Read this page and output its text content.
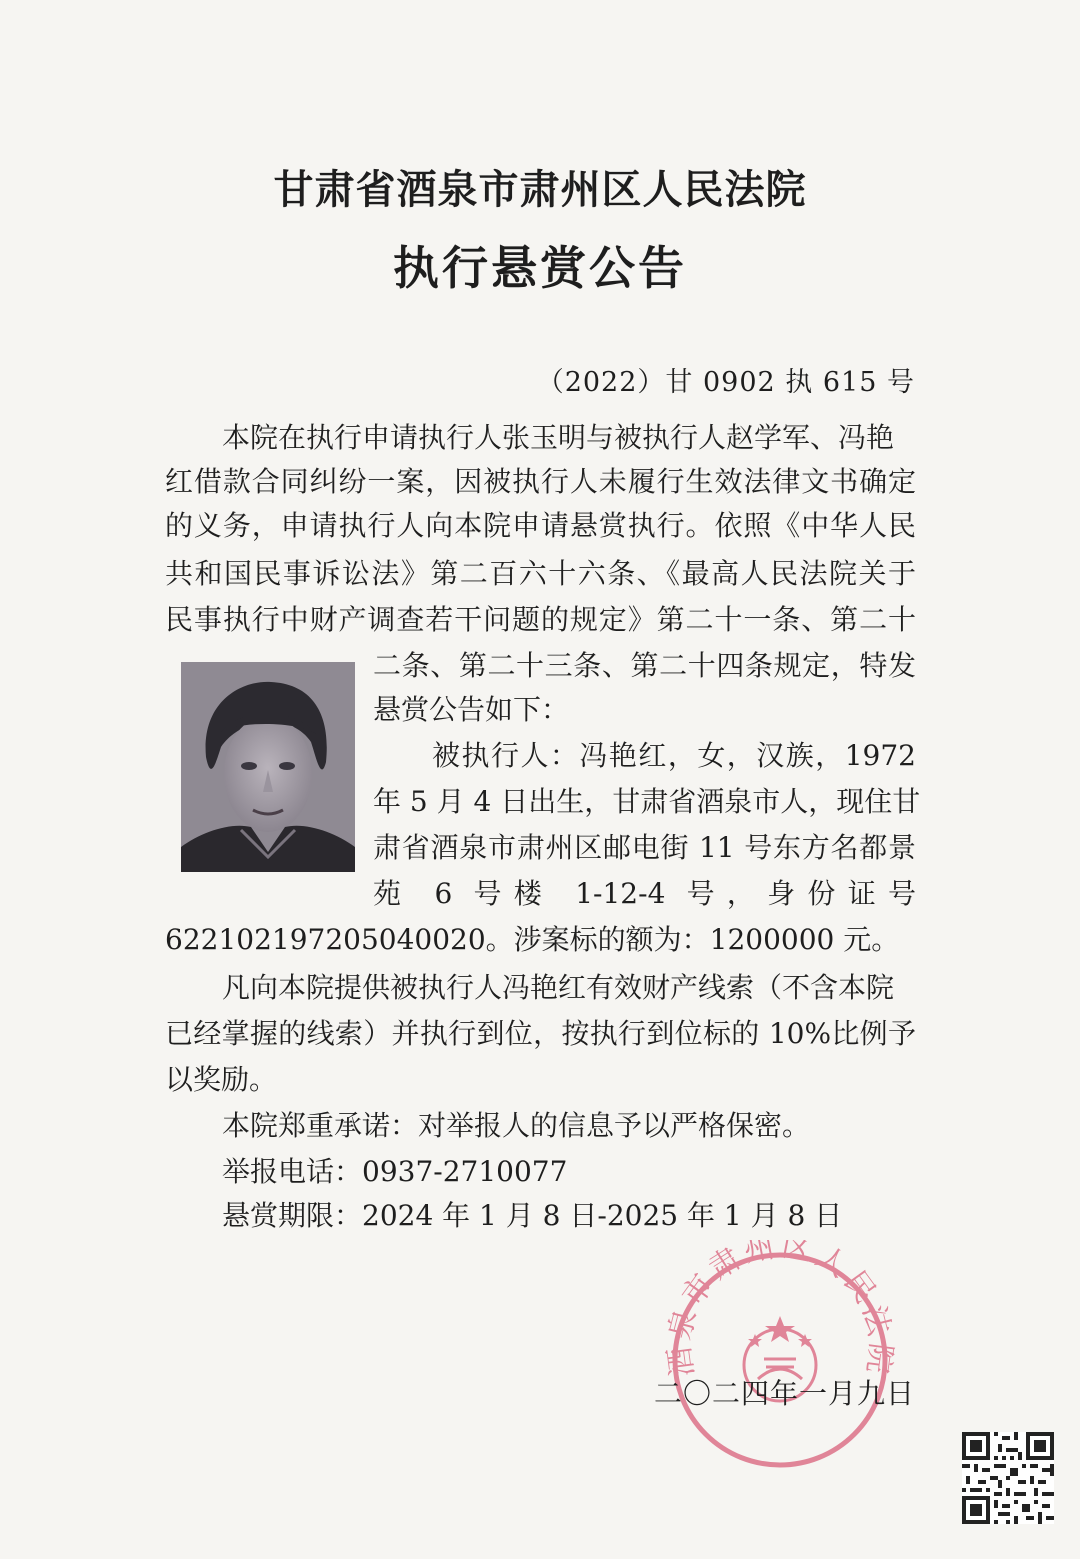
甘肃省酒泉市肃州区人民法院
执行悬赏公告
（2022）甘 0902 执 615 号
本院在执行申请执行人张玉明与被执行人赵学军、冯艳
红借款合同纠纷一案，因被执行人未履行生效法律文书确定
的义务，申请执行人向本院申请悬赏执行。依照《中华人民
共和国民事诉讼法》第二百六十六条、《最高人民法院关于
民事执行中财产调查若干问题的规定》第二十一条、第二十
二条、第二十三条、第二十四条规定，特发
悬赏公告如下：
被执行人：冯艳红，女，汉族，1972
年 5 月 4 日出生，甘肃省酒泉市人，现住甘
肃省酒泉市肃州区邮电街 11 号东方名都景
苑 6 号楼 1-12-4 号，身份证号
622102197205040020。涉案标的额为：1200000 元。
凡向本院提供被执行人冯艳红有效财产线索（不含本院
已经掌握的线索）并执行到位，按执行到位标的 10%比例予
以奖励。
本院郑重承诺：对举报人的信息予以严格保密。
举报电话：0937-2710077
悬赏期限：2024 年 1 月 8 日-2025 年 1 月 8 日
酒泉市肃州区人民法院
二〇二四年一月九日
